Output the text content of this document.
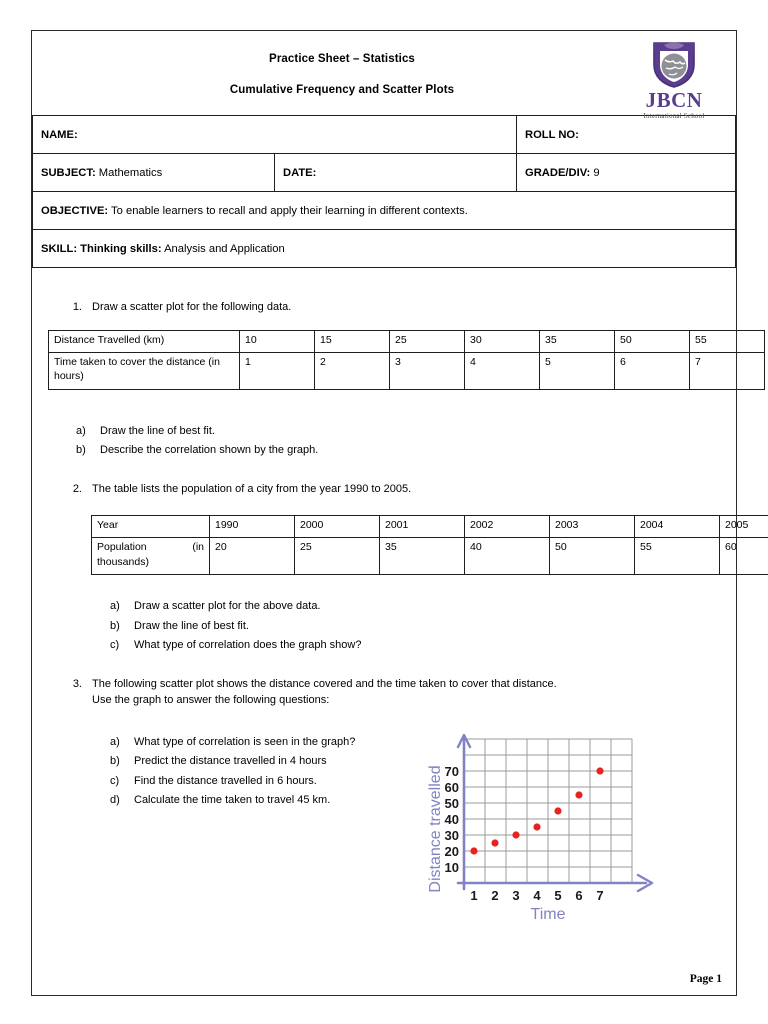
Practice Sheet – Statistics
Cumulative Frequency and Scatter Plots	JBCN
International School
NAME:		ROLL NO:
SUBJECT: Mathematics	DATE:	GRADE/DIV: 9
OBJECTIVE: To enable learners to recall and apply their learning in different contexts.		
SKILL: Thinking skills: Analysis and Application		
1. Draw a scatter plot for the following data.
Distance Travelled (km)	10	15	25	30	35	50	55
Time taken to cover the distance (in hours)	1	2	3	4	5	6	7
a)	Draw the line of best fit.
b)	Describe the correlation shown by the graph.
2. The table lists the population of a city from the year 1990 to 2005.
Year	1990	2000	2001	2002	2003	2004	2005
Population (in thousands)	20	25	35	40	50	55	60
a)	Draw a scatter plot for the above data.
b)	Draw the line of best fit.
c)	What type of correlation does the graph show?
3. The following scatter plot shows the distance covered and the time taken to cover that distance.
Use the graph to answer the following questions:
a)	What type of correlation is seen in the graph?
b)	Predict the distance travelled in 4 hours
c)	Find the distance travelled in 6 hours.
d)	Calculate the time taken to travel 45 km.
10
20
30
40
50
60
70
1 2 3 4 5 6 7
Time
Distance travelled
Page 1
